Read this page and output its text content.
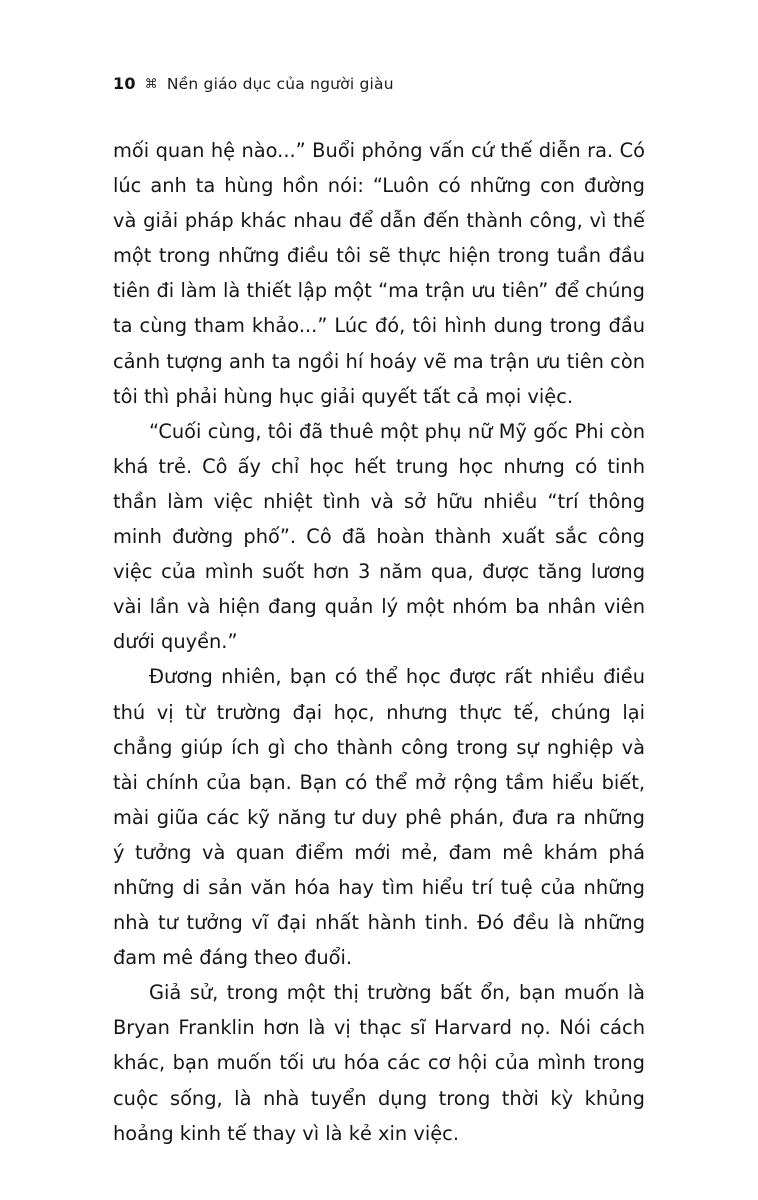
10 ⌘ Nền giáo dục của người giàu

mối quan hệ nào...” Buổi phỏng vấn cứ thế diễn ra. Có lúc anh ta hùng hồn nói: “Luôn có những con đường và giải pháp khác nhau để dẫn đến thành công, vì thế một trong những điều tôi sẽ thực hiện trong tuần đầu tiên đi làm là thiết lập một “ma trận ưu tiên” để chúng ta cùng tham khảo...” Lúc đó, tôi hình dung trong đầu cảnh tượng anh ta ngồi hí hoáy vẽ ma trận ưu tiên còn tôi thì phải hùng hục giải quyết tất cả mọi việc.

“Cuối cùng, tôi đã thuê một phụ nữ Mỹ gốc Phi còn khá trẻ. Cô ấy chỉ học hết trung học nhưng có tinh thần làm việc nhiệt tình và sở hữu nhiều “trí thông minh đường phố”. Cô đã hoàn thành xuất sắc công việc của mình suốt hơn 3 năm qua, được tăng lương vài lần và hiện đang quản lý một nhóm ba nhân viên dưới quyền.”

Đương nhiên, bạn có thể học được rất nhiều điều thú vị từ trường đại học, nhưng thực tế, chúng lại chẳng giúp ích gì cho thành công trong sự nghiệp và tài chính của bạn. Bạn có thể mở rộng tầm hiểu biết, mài giũa các kỹ năng tư duy phê phán, đưa ra những ý tưởng và quan điểm mới mẻ, đam mê khám phá những di sản văn hóa hay tìm hiểu trí tuệ của những nhà tư tưởng vĩ đại nhất hành tinh. Đó đều là những đam mê đáng theo đuổi.

Giả sử, trong một thị trường bất ổn, bạn muốn là Bryan Franklin hơn là vị thạc sĩ Harvard nọ. Nói cách khác, bạn muốn tối ưu hóa các cơ hội của mình trong cuộc sống, là nhà tuyển dụng trong thời kỳ khủng hoảng kinh tế thay vì là kẻ xin việc.
